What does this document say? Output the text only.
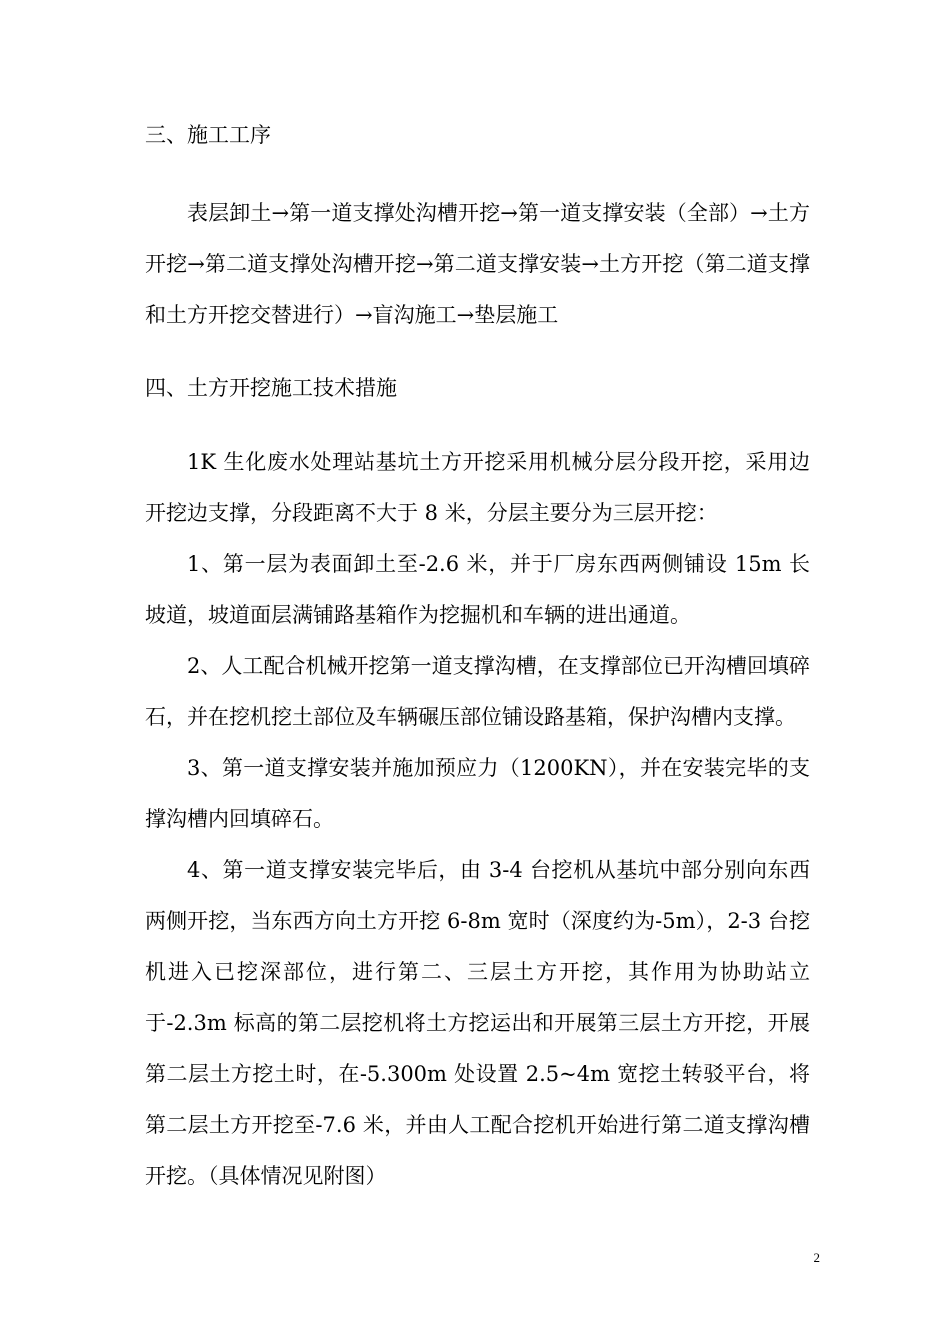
三、施工工序

表层卸土→第一道支撑处沟槽开挖→第一道支撑安装（全部）→土方开挖→第二道支撑处沟槽开挖→第二道支撑安装→土方开挖（第二道支撑和土方开挖交替进行）→盲沟施工→垫层施工

四、土方开挖施工技术措施

1K 生化废水处理站基坑土方开挖采用机械分层分段开挖，采用边开挖边支撑，分段距离不大于 8 米，分层主要分为三层开挖：

1、第一层为表面卸土至-2.6 米，并于厂房东西两侧铺设 15m 长坡道，坡道面层满铺路基箱作为挖掘机和车辆的进出通道。

2、人工配合机械开挖第一道支撑沟槽，在支撑部位已开沟槽回填碎石，并在挖机挖土部位及车辆碾压部位铺设路基箱，保护沟槽内支撑。

3、第一道支撑安装并施加预应力（1200KN），并在安装完毕的支撑沟槽内回填碎石。

4、第一道支撑安装完毕后，由 3-4 台挖机从基坑中部分别向东西两侧开挖，当东西方向土方开挖 6-8m 宽时（深度约为-5m），2-3 台挖机进入已挖深部位，进行第二、三层土方开挖，其作用为协助站立于-2.3m 标高的第二层挖机将土方挖运出和开展第三层土方开挖，开展第二层土方挖土时，在-5.300m 处设置 2.5~4m 宽挖土转驳平台，将第二层土方开挖至-7.6 米，并由人工配合挖机开始进行第二道支撑沟槽开挖。（具体情况见附图）

2
